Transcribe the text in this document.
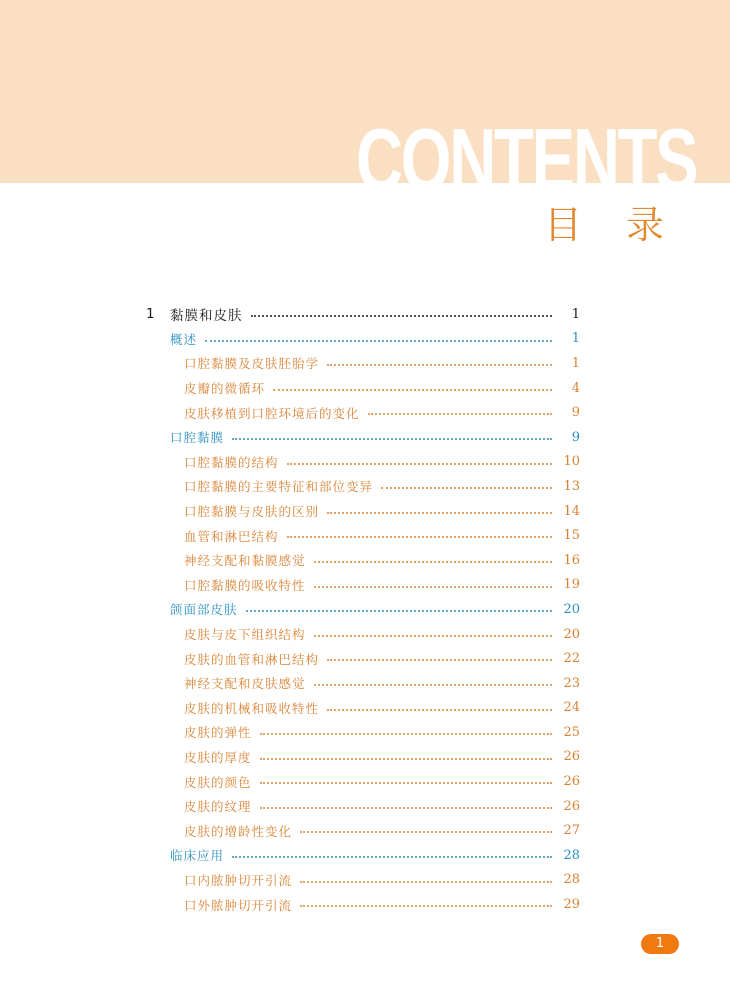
CONTENTS
目录
1 黏膜和皮肤	1
概述	1
口腔黏膜及皮肤胚胎学	1
皮瓣的微循环	4
皮肤移植到口腔环境后的变化	9
口腔黏膜	9
口腔黏膜的结构	10
口腔黏膜的主要特征和部位变异	13
口腔黏膜与皮肤的区别	14
血管和淋巴结构	15
神经支配和黏膜感觉	16
口腔黏膜的吸收特性	19
颌面部皮肤	20
皮肤与皮下组织结构	20
皮肤的血管和淋巴结构	22
神经支配和皮肤感觉	23
皮肤的机械和吸收特性	24
皮肤的弹性	25
皮肤的厚度	26
皮肤的颜色	26
皮肤的纹理	26
皮肤的增龄性变化	27
临床应用	28
口内脓肿切开引流	28
口外脓肿切开引流	29
1
